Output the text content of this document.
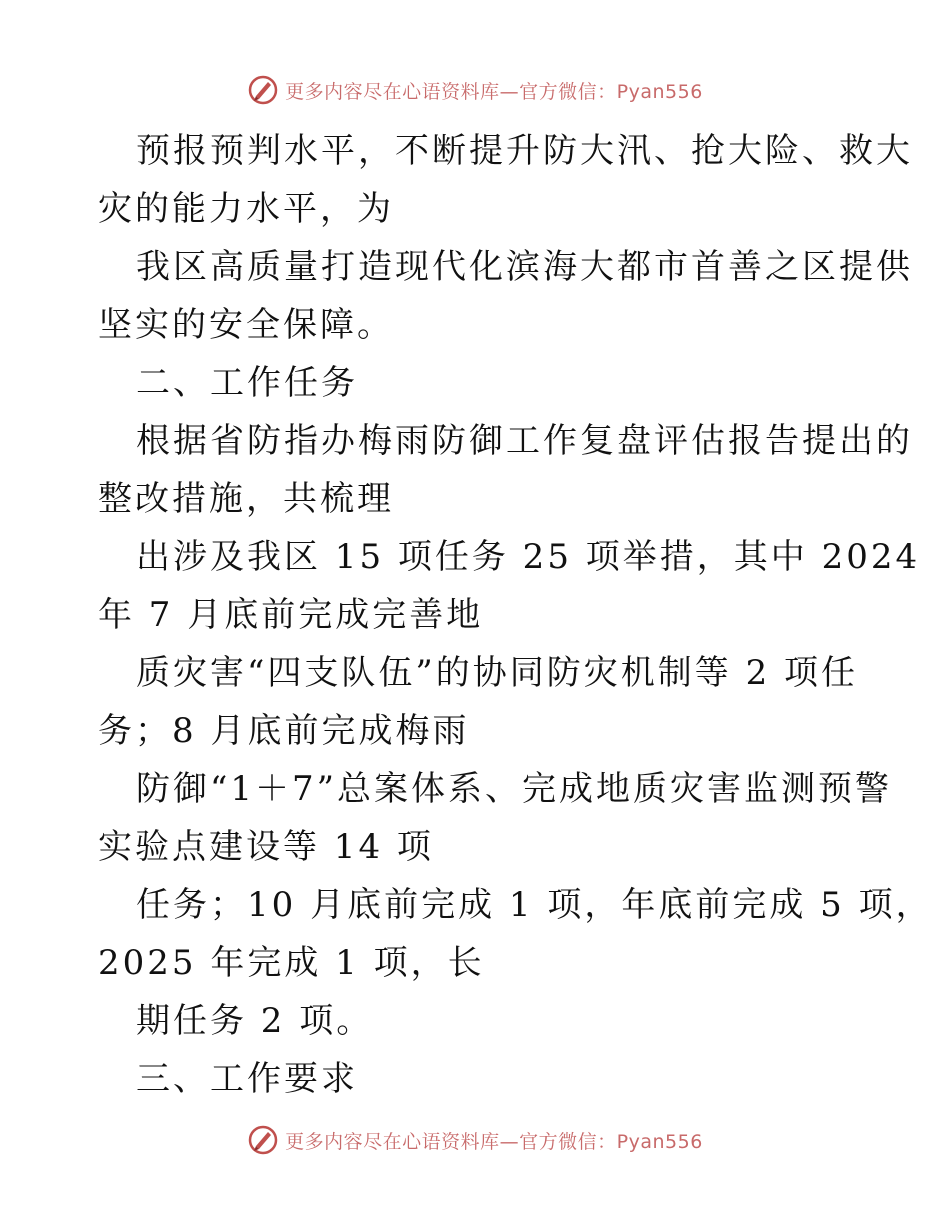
更多内容尽在心语资料库—官方微信：Pyan556
预报预判水平，不断提升防大汛、抢大险、救大
灾的能力水平，为
我区高质量打造现代化滨海大都市首善之区提供
坚实的安全保障。
二、工作任务
根据省防指办梅雨防御工作复盘评估报告提出的
整改措施，共梳理
出涉及我区 15 项任务 25 项举措，其中 2024
年 7 月底前完成完善地
质灾害“四支队伍”的协同防灾机制等 2 项任
务；8 月底前完成梅雨
防御“1＋7”总案体系、完成地质灾害监测预警
实验点建设等 14 项
任务；10 月底前完成 1 项，年底前完成 5 项，
2025 年完成 1 项，长
期任务 2 项。
三、工作要求
更多内容尽在心语资料库—官方微信：Pyan556
